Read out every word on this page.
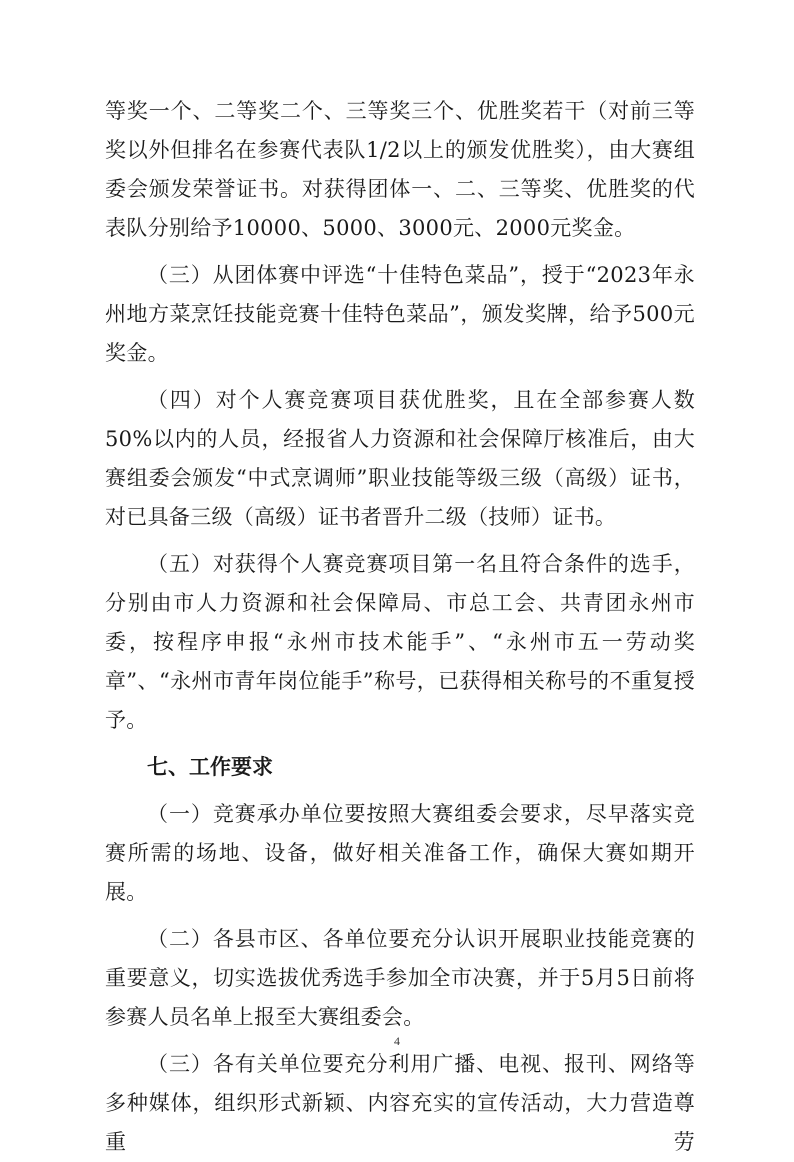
等奖一个、二等奖二个、三等奖三个、优胜奖若干（对前三等奖以外但排名在参赛代表队1/2以上的颁发优胜奖），由大赛组委会颁发荣誉证书。对获得团体一、二、三等奖、优胜奖的代表队分别给予10000、5000、3000元、2000元奖金。

（三）从团体赛中评选“十佳特色菜品”，授于“2023年永州地方菜烹饪技能竞赛十佳特色菜品”，颁发奖牌，给予500元奖金。

（四）对个人赛竞赛项目获优胜奖，且在全部参赛人数50%以内的人员，经报省人力资源和社会保障厅核准后，由大赛组委会颁发“中式烹调师”职业技能等级三级（高级）证书，对已具备三级（高级）证书者晋升二级（技师）证书。

（五）对获得个人赛竞赛项目第一名且符合条件的选手，分别由市人力资源和社会保障局、市总工会、共青团永州市委，按程序申报“永州市技术能手”、“永州市五一劳动奖章”、“永州市青年岗位能手”称号，已获得相关称号的不重复授予。

七、工作要求

（一）竞赛承办单位要按照大赛组委会要求，尽早落实竞赛所需的场地、设备，做好相关准备工作，确保大赛如期开展。

（二）各县市区、各单位要充分认识开展职业技能竞赛的重要意义，切实选拔优秀选手参加全市决赛，并于5月5日前将参赛人员名单上报至大赛组委会。

（三）各有关单位要充分利用广播、电视、报刊、网络等多种媒体，组织形式新颖、内容充实的宣传活动，大力营造尊重劳

4
